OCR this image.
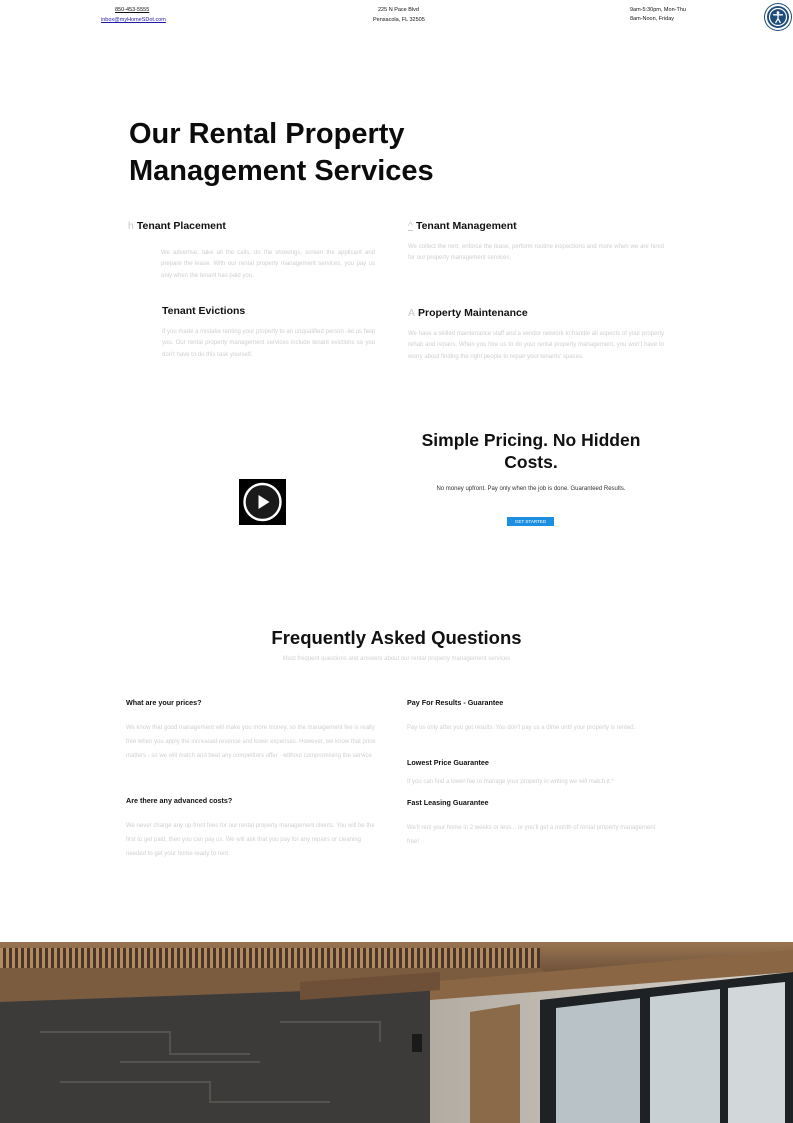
850-453-5555
inbox@myHomeSDot.com
225 N Pace Blvd
Pensacola, FL 32505
9am-5:30pm, Mon-Thu
8am-Noon, Friday
Our Rental Property Management Services
h Tenant Placement
We advertise, take all the calls, do the showings, screen the applicant and prepare the lease. With our rental property management services, you pay us only when the tenant has paid you.
^ Tenant Management
We collect the rent, enforce the lease, perform routine inspections and more when we are hired for our property management services.
Tenant Evictions
If you made a mistake renting your property to an unqualified person -let us help you. Our rental property management services include tenant evictions so you don't have to do this task yourself.
A Property Maintenance
We have a skilled maintenance staff and a vendor network to handle all aspects of your property rehab and repairs. When you hire us to do your rental property management, you won't have to worry about finding the right people to repair your tenants' spaces.
Simple Pricing. No Hidden Costs.
No money upfront. Pay only when the job is done. Guaranteed Results.
GET STARTED
Frequently Asked Questions
Most frequent questions and answers about our rental property management services
What are your prices?
We know that good management will make you more money, so the management fee is really free when you apply the increased revenue and lower expenses. However, we know that price matters - so we will match and beat any competitors offer - without compromising the service.
Are there any advanced costs?
We never charge any up-front fees for our rental property management clients. You will be the first to get paid, then you can pay us. We will ask that you pay for any repairs or cleaning needed to get your home ready to rent.
Pay For Results - Guarantee
Pay us only after you get results. You don't pay us a dime until your property is rented.
Lowest Price Guarantee
If you can find a lower fee to manage your property in writing we will match it.*
Fast Leasing Guarantee
We'll rent your home in 2 weeks or less... or you'll get a month of rental property management free!
